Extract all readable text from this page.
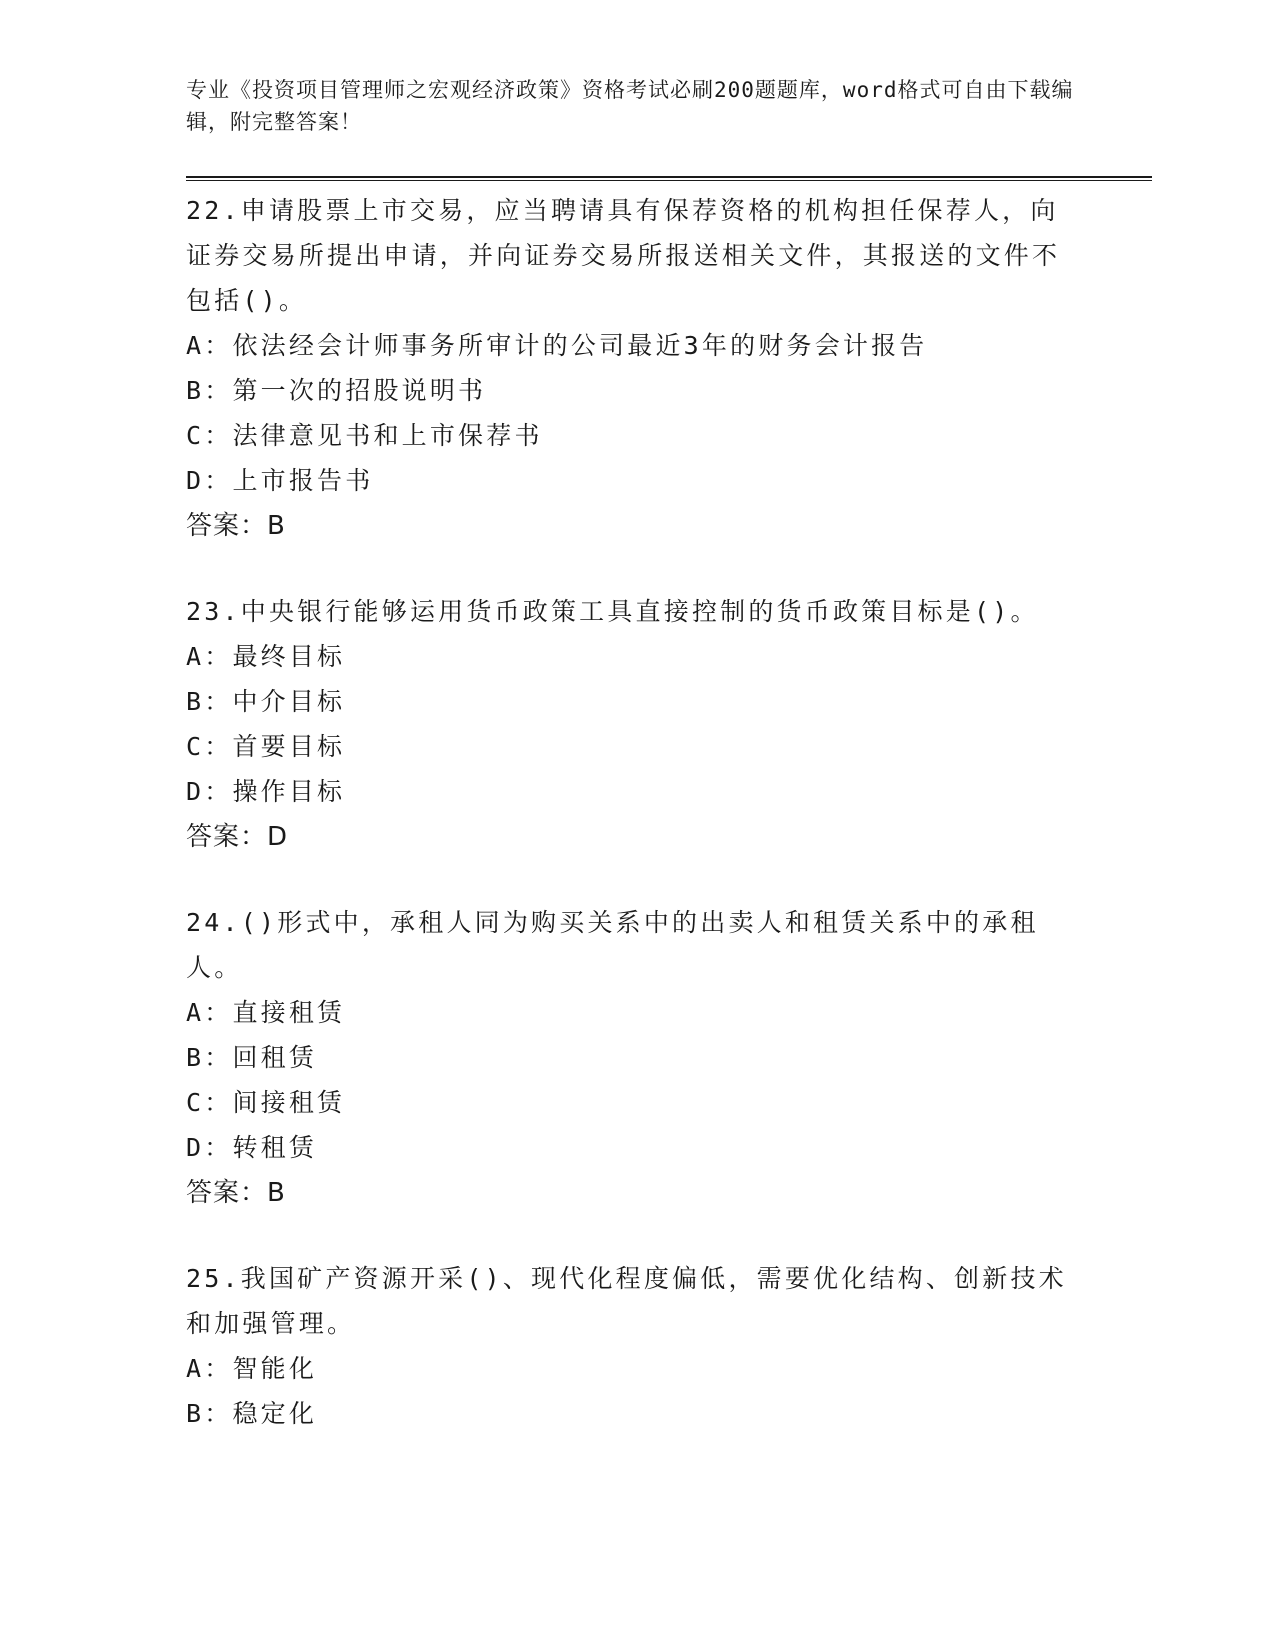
专业《投资项目管理师之宏观经济政策》资格考试必刷200题题库，word格式可自由下载编辑，附完整答案！

22.申请股票上市交易，应当聘请具有保荐资格的机构担任保荐人，向证券交易所提出申请，并向证券交易所报送相关文件，其报送的文件不包括()。

A：依法经会计师事务所审计的公司最近3年的财务会计报告

B：第一次的招股说明书

C：法律意见书和上市保荐书

D：上市报告书

答案：B

23.中央银行能够运用货币政策工具直接控制的货币政策目标是()。

A：最终目标

B：中介目标

C：首要目标

D：操作目标

答案：D

24.()形式中，承租人同为购买关系中的出卖人和租赁关系中的承租人。

A：直接租赁

B：回租赁

C：间接租赁

D：转租赁

答案：B

25.我国矿产资源开采()、现代化程度偏低，需要优化结构、创新技术和加强管理。

A：智能化

B：稳定化
